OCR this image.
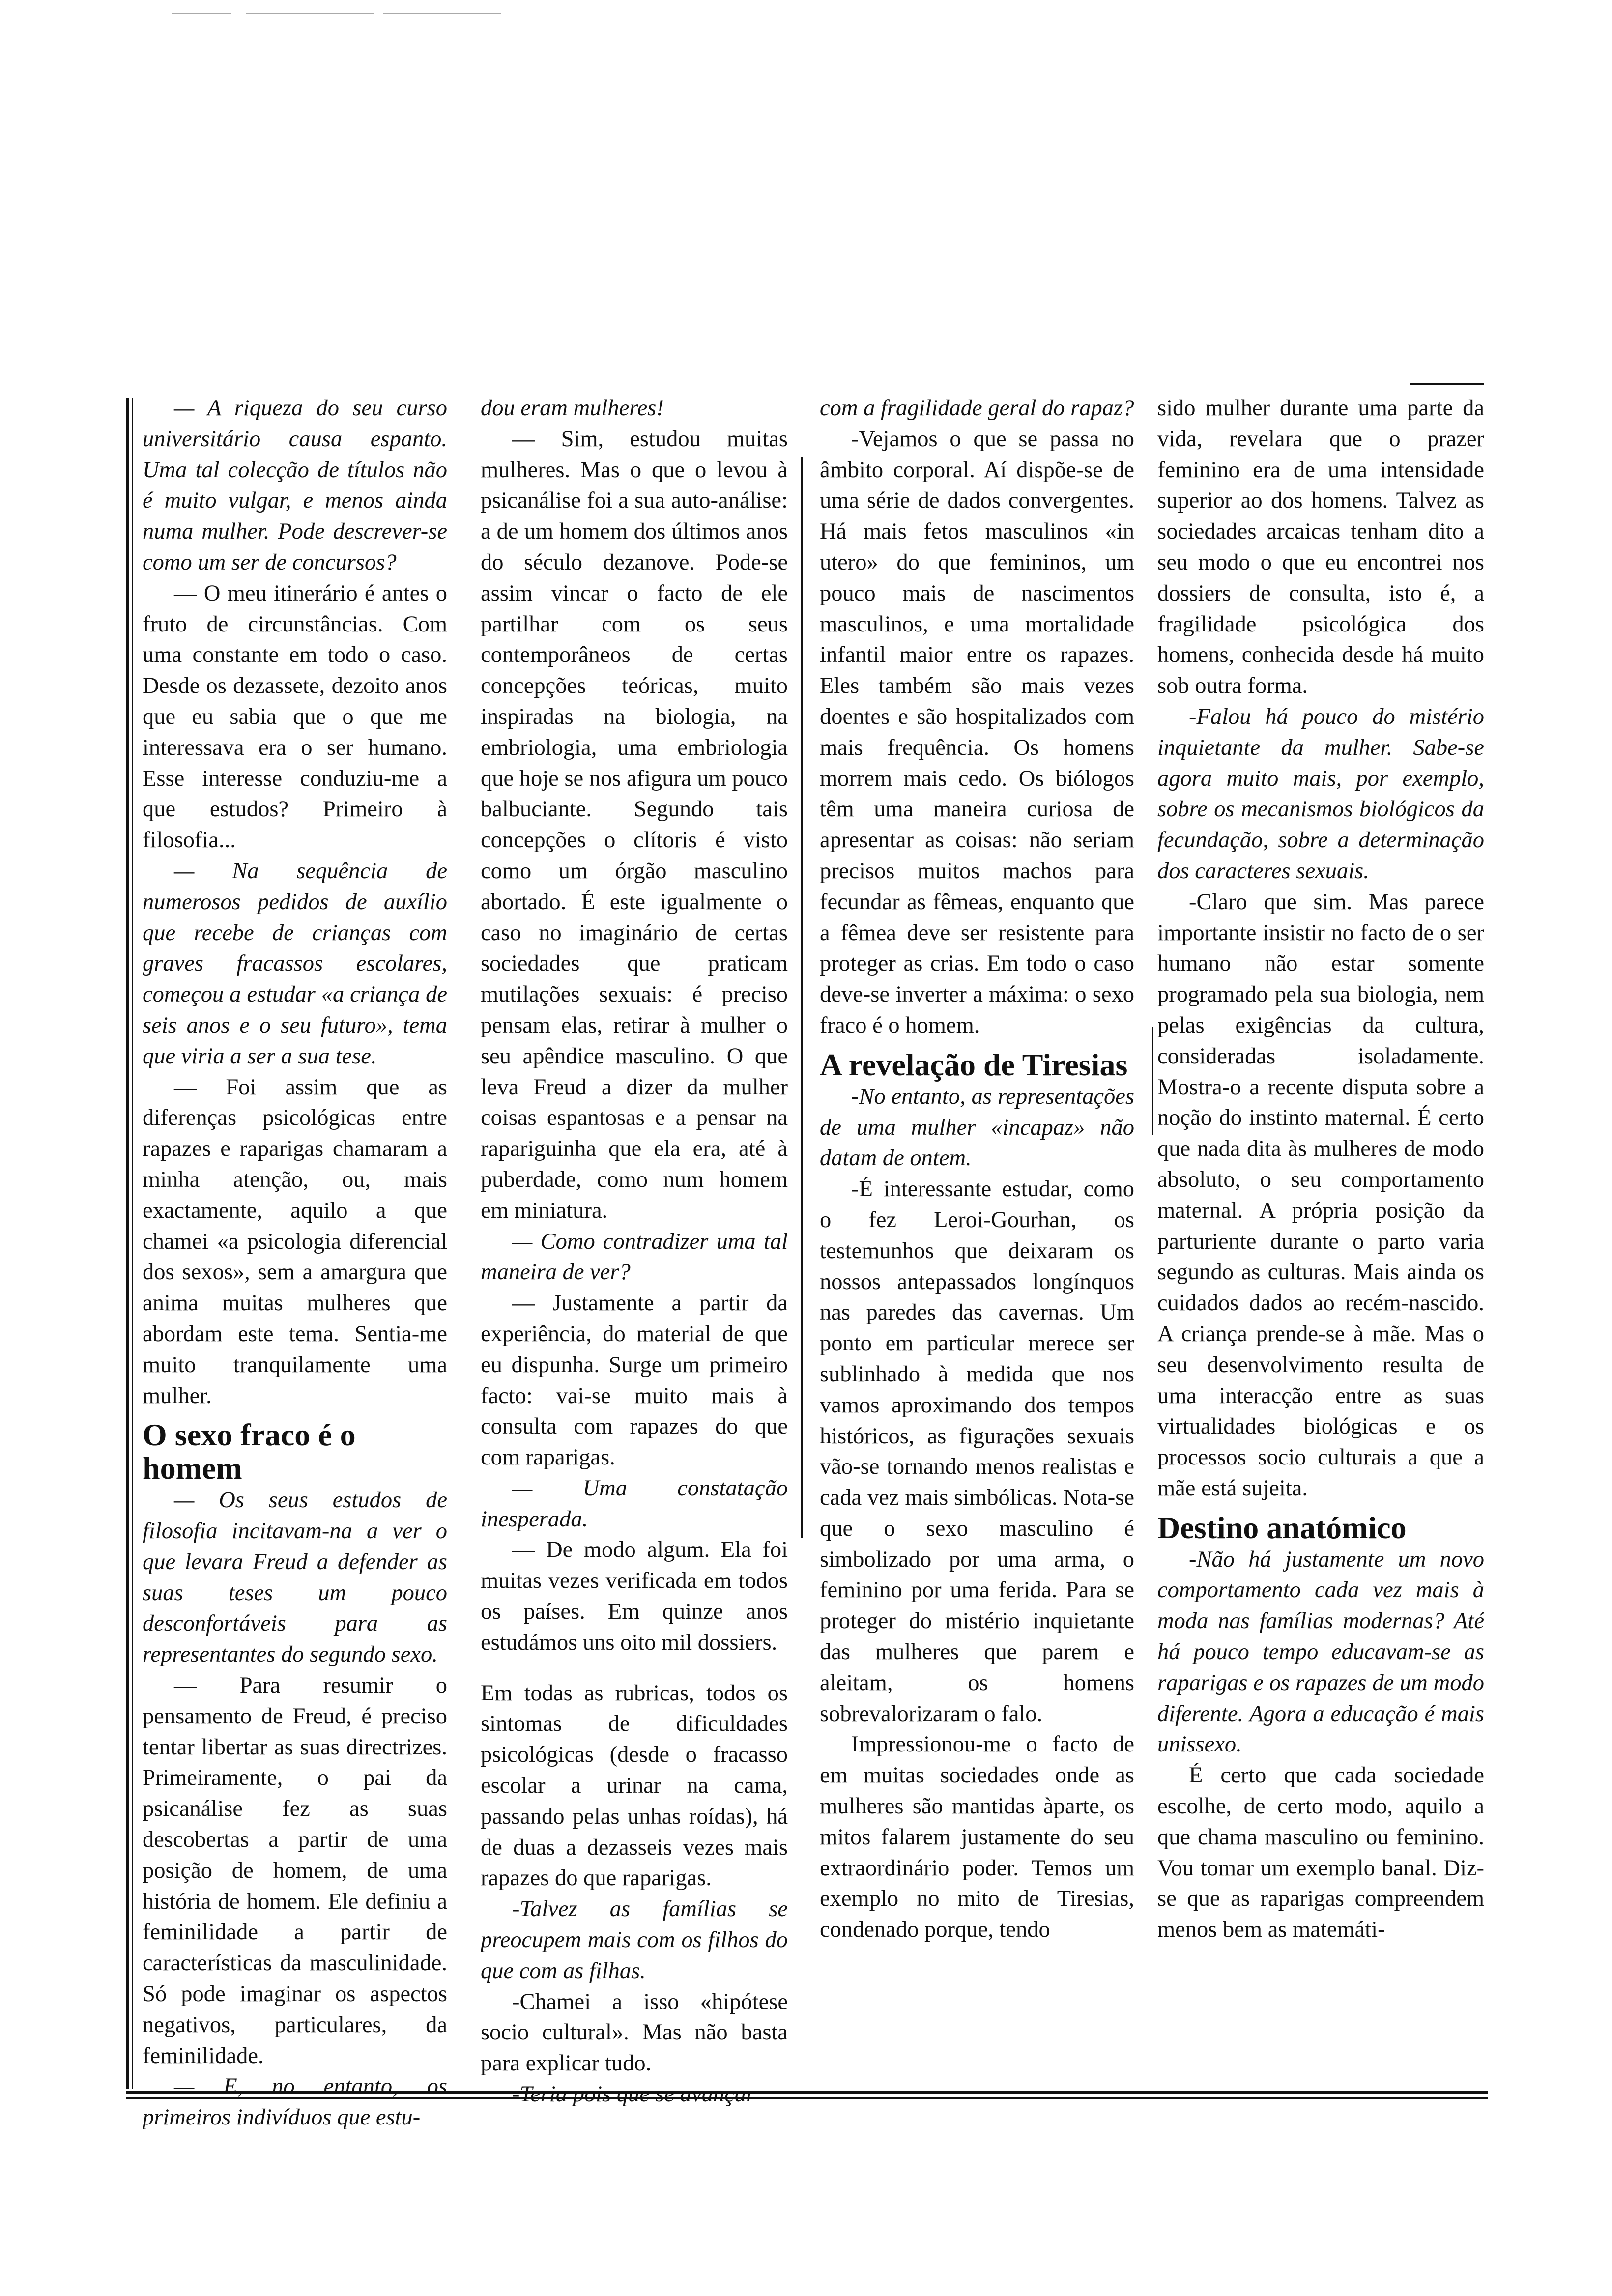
— A riqueza do seu curso universitário causa espanto. Uma tal colecção de títulos não é muito vulgar, e menos ainda numa mulher. Pode descrever-se como um ser de concursos?

— O meu itinerário é antes o fruto de circunstâncias. Com uma constante em todo o caso. Desde os dezassete, dezoito anos que eu sabia que o que me interessava era o ser humano. Esse interesse conduziu-me a que estudos? Primeiro à filosofia...

— Na sequência de numerosos pedidos de auxílio que recebe de crianças com graves fracassos escolares, começou a estudar «a criança de seis anos e o seu futuro», tema que viria a ser a sua tese.

— Foi assim que as diferenças psicológicas entre rapazes e raparigas chamaram a minha atenção, ou, mais exactamente, aquilo a que chamei «a psicologia diferencial dos sexos», sem a amargura que anima muitas mulheres que abordam este tema. Sentia-me muito tranquilamente uma mulher.

O sexo fraco é o homem

— Os seus estudos de filosofia incitavam-na a ver o que levara Freud a defender as suas teses um pouco desconfortáveis para as representantes do segundo sexo.

— Para resumir o pensamento de Freud, é preciso tentar libertar as suas directrizes. Primeiramente, o pai da psicanálise fez as suas descobertas a partir de uma posição de homem, de uma história de homem. Ele definiu a feminilidade a partir de características da masculinidade. Só pode imaginar os aspectos negativos, particulares, da feminilidade.

— E, no entanto, os primeiros indivíduos que estu-

dou eram mulheres!

— Sim, estudou muitas mulheres. Mas o que o levou à psicanálise foi a sua auto-análise: a de um homem dos últimos anos do século dezanove. Pode-se assim vincar o facto de ele partilhar com os seus contemporâneos de certas concepções teóricas, muito inspiradas na biologia, na embriologia, uma embriologia que hoje se nos afigura um pouco balbuciante. Segundo tais concepções o clítoris é visto como um órgão masculino abortado. É este igualmente o caso no imaginário de certas sociedades que praticam mutilações sexuais: é preciso pensam elas, retirar à mulher o seu apêndice masculino. O que leva Freud a dizer da mulher coisas espantosas e a pensar na rapariguinha que ela era, até à puberdade, como num homem em miniatura.

— Como contradizer uma tal maneira de ver?

— Justamente a partir da experiência, do material de que eu dispunha. Surge um primeiro facto: vai-se muito mais à consulta com rapazes do que com raparigas.

— Uma constatação inesperada.

— De modo algum. Ela foi muitas vezes verificada em todos os países. Em quinze anos estudámos uns oito mil dossiers.

Em todas as rubricas, todos os sintomas de dificuldades psicológicas (desde o fracasso escolar a urinar na cama, passando pelas unhas roídas), há de duas a dezasseis vezes mais rapazes do que raparigas.

-Talvez as famílias se preocupem mais com os filhos do que com as filhas.

-Chamei a isso «hipótese socio cultural». Mas não basta para explicar tudo.

-Teria pois que se avançar

com a fragilidade geral do rapaz?

-Vejamos o que se passa no âmbito corporal. Aí dispõe-se de uma série de dados convergentes. Há mais fetos masculinos «in utero» do que femininos, um pouco mais de nascimentos masculinos, e uma mortalidade infantil maior entre os rapazes. Eles também são mais vezes doentes e são hospitalizados com mais frequência. Os homens morrem mais cedo. Os biólogos têm uma maneira curiosa de apresentar as coisas: não seriam precisos muitos machos para fecundar as fêmeas, enquanto que a fêmea deve ser resistente para proteger as crias. Em todo o caso deve-se inverter a máxima: o sexo fraco é o homem.

A revelação de Tiresias

-No entanto, as representações de uma mulher «incapaz» não datam de ontem.

-É interessante estudar, como o fez Leroi-Gourhan, os testemunhos que deixaram os nossos antepassados longínquos nas paredes das cavernas. Um ponto em particular merece ser sublinhado à medida que nos vamos aproximando dos tempos históricos, as figurações sexuais vão-se tornando menos realistas e cada vez mais simbólicas. Nota-se que o sexo masculino é simbolizado por uma arma, o feminino por uma ferida. Para se proteger do mistério inquietante das mulheres que parem e aleitam, os homens sobrevalorizaram o falo.

Impressionou-me o facto de em muitas sociedades onde as mulheres são mantidas àparte, os mitos falarem justamente do seu extraordinário poder. Temos um exemplo no mito de Tiresias, condenado porque, tendo

sido mulher durante uma parte da vida, revelara que o prazer feminino era de uma intensidade superior ao dos homens. Talvez as sociedades arcaicas tenham dito a seu modo o que eu encontrei nos dossiers de consulta, isto é, a fragilidade psicológica dos homens, conhecida desde há muito sob outra forma.

-Falou há pouco do mistério inquietante da mulher. Sabe-se agora muito mais, por exemplo, sobre os mecanismos biológicos da fecundação, sobre a determinação dos caracteres sexuais.

-Claro que sim. Mas parece importante insistir no facto de o ser humano não estar somente programado pela sua biologia, nem pelas exigências da cultura, consideradas isoladamente. Mostra-o a recente disputa sobre a noção do instinto maternal. É certo que nada dita às mulheres de modo absoluto, o seu comportamento maternal. A própria posição da parturiente durante o parto varia segundo as culturas. Mais ainda os cuidados dados ao recém-nascido. A criança prende-se à mãe. Mas o seu desenvolvimento resulta de uma interacção entre as suas virtualidades biológicas e os processos socio culturais a que a mãe está sujeita.

Destino anatómico

-Não há justamente um novo comportamento cada vez mais à moda nas famílias modernas? Até há pouco tempo educavam-se as raparigas e os rapazes de um modo diferente. Agora a educação é mais unissexo.

É certo que cada sociedade escolhe, de certo modo, aquilo a que chama masculino ou feminino. Vou tomar um exemplo banal. Diz-se que as raparigas compreendem menos bem as matemáti-
